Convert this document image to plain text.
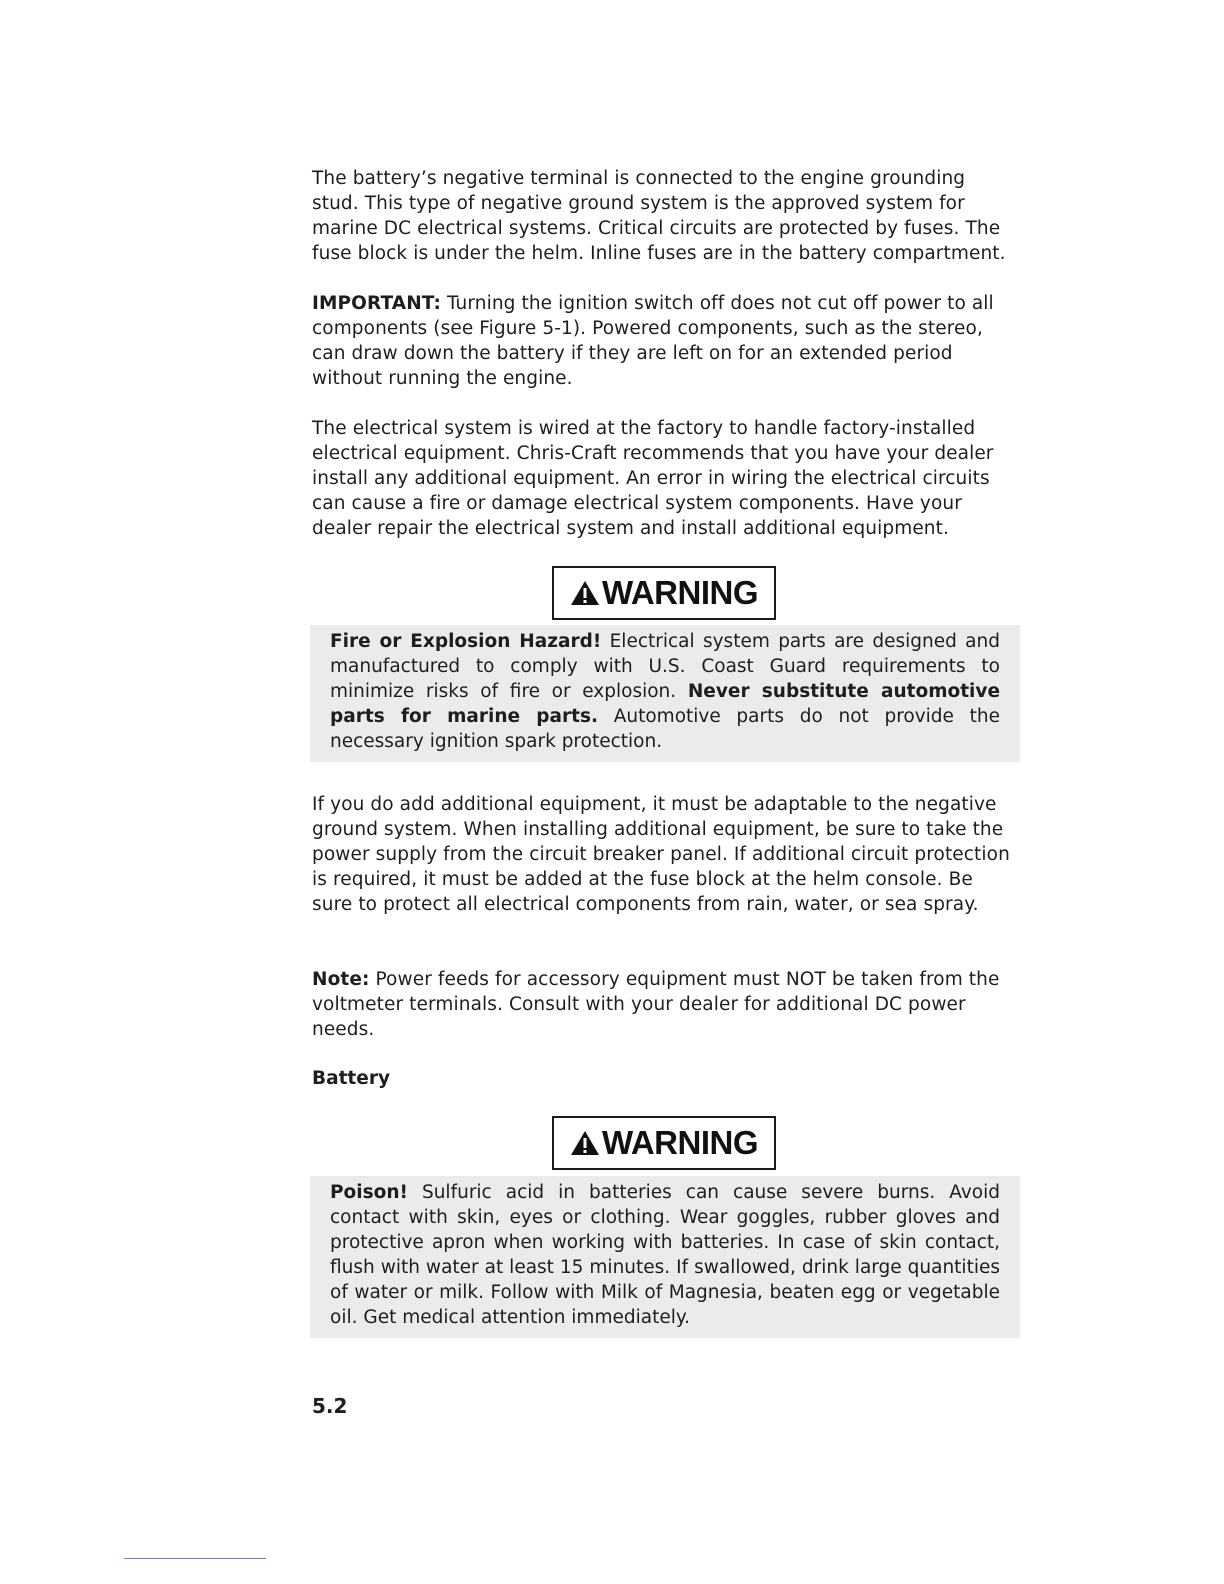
The battery’s negative terminal is connected to the engine grounding stud. This type of negative ground system is the approved system for marine DC electrical systems. Critical circuits are protected by fuses. The fuse block is under the helm. Inline fuses are in the battery compartment.

IMPORTANT: Turning the ignition switch off does not cut off power to all components (see Figure 5-1). Powered components, such as the stereo, can draw down the battery if they are left on for an extended period without running the engine.

The electrical system is wired at the factory to handle factory-installed electrical equipment. Chris-Craft recommends that you have your dealer install any additional equipment. An error in wiring the electrical circuits can cause a fire or damage electrical system components. Have your dealer repair the electrical system and install additional equipment.

WARNING

Fire or Explosion Hazard! Electrical system parts are designed and manufactured to comply with U.S. Coast Guard requirements to minimize risks of fire or explosion. Never substitute automotive parts for marine parts. Automotive parts do not provide the necessary ignition spark protection.

If you do add additional equipment, it must be adaptable to the negative ground system. When installing additional equipment, be sure to take the power supply from the circuit breaker panel. If additional circuit protection is required, it must be added at the fuse block at the helm console. Be sure to protect all electrical components from rain, water, or sea spray.

Note: Power feeds for accessory equipment must NOT be taken from the voltmeter terminals. Consult with your dealer for additional DC power needs.

Battery
WARNING

Poison! Sulfuric acid in batteries can cause severe burns. Avoid contact with skin, eyes or clothing. Wear goggles, rubber gloves and protective apron when working with batteries. In case of skin contact, flush with water at least 15 minutes. If swallowed, drink large quantities of water or milk. Follow with Milk of Magnesia, beaten egg or vegetable oil. Get medical attention immediately.

5.2
